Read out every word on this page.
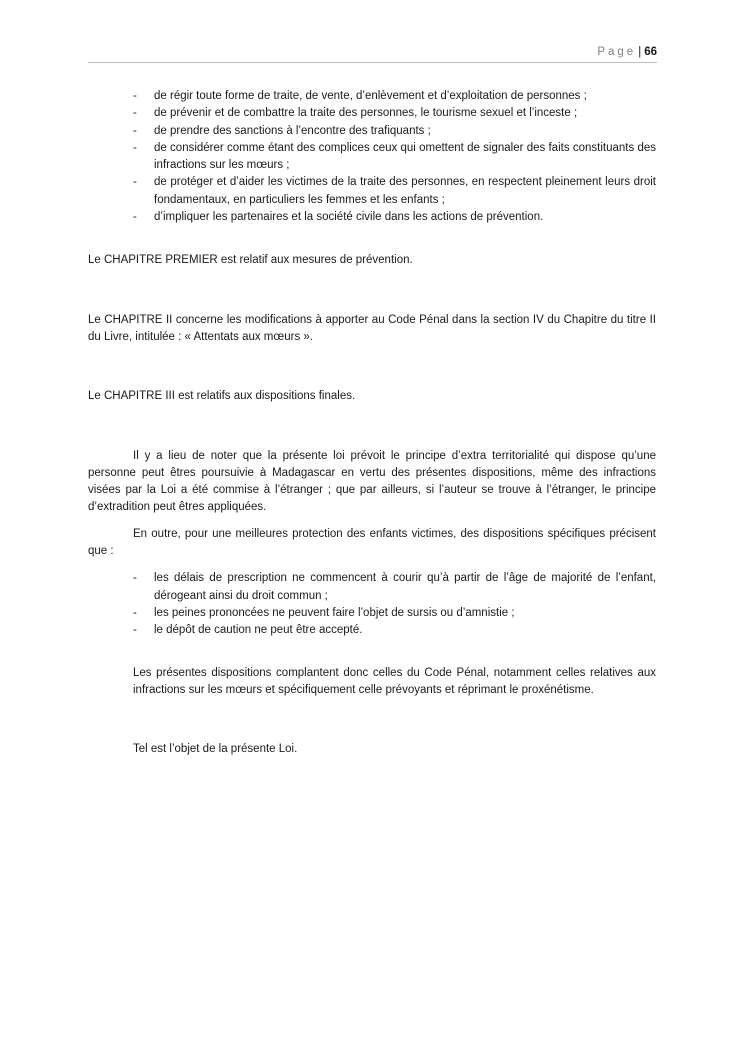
Page | 66
- de régir toute forme de traite, de vente, d’enlèvement et d’exploitation de personnes ;
- de prévenir et de combattre la traite des personnes, le tourisme sexuel et l’inceste ;
- de prendre des sanctions à l’encontre des trafiquants ;
- de considérer comme étant des complices ceux qui omettent de signaler des faits constituants des infractions sur les mœurs ;
- de protéger et d’aider les victimes de la traite des personnes, en respectent pleinement leurs droit fondamentaux, en particuliers les femmes et les enfants ;
- d’impliquer les partenaires et la société civile dans les actions de prévention.

Le CHAPITRE PREMIER est relatif aux mesures de prévention.

Le CHAPITRE II concerne les modifications à apporter au Code Pénal dans la section IV du Chapitre du titre II du Livre, intitulée : « Attentats aux mœurs ».

Le CHAPITRE III est relatifs aux dispositions finales.

Il y a lieu de noter que la présente loi prévoit le principe d’extra territorialité qui dispose qu’une personne peut êtres poursuivie à Madagascar en vertu des présentes dispositions, même des infractions visées par la Loi a été commise à l’étranger ; que par ailleurs, si l’auteur se trouve à l’étranger, le principe d’extradition peut êtres appliquées.

En outre, pour une meilleures protection des enfants victimes, des dispositions spécifiques précisent que :

- les délais de prescription ne commencent à courir qu’à partir de l’âge de majorité de l’enfant, dérogeant ainsi du droit commun ;
- les peines prononcées ne peuvent faire l’objet de sursis ou d’amnistie ;
- le dépôt de caution ne peut être accepté.

Les présentes dispositions complantent donc celles du Code Pénal, notamment celles relatives aux infractions sur les mœurs et spécifiquement celle prévoyants et réprimant le proxénétisme.

Tel est l’objet de la présente Loi.
